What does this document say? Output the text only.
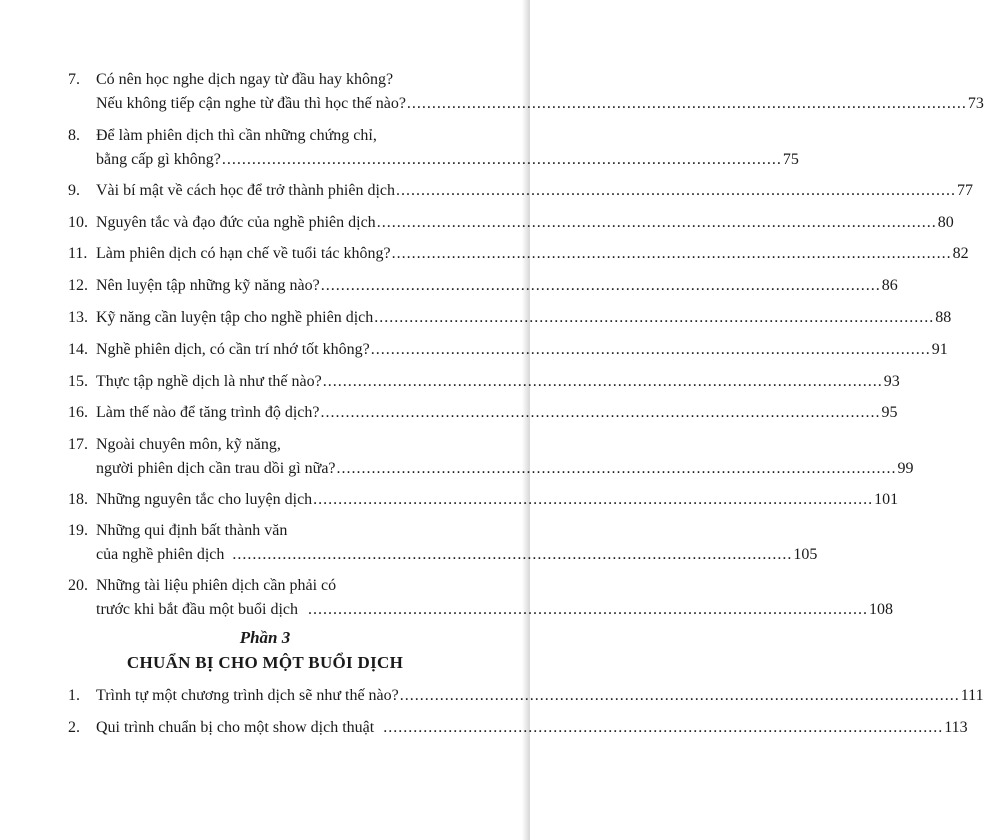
7. Có nên học nghe dịch ngay từ đầu hay không?
Nếu không tiếp cận nghe từ đầu thì học thế nào? ................................................................................................................ 73
8. Để làm phiên dịch thì cần những chứng chỉ,
bằng cấp gì không? ................................................................................................................ 75
9. Vài bí mật về cách học để trở thành phiên dịch ................................................................................................................ 77
10. Nguyên tắc và đạo đức của nghề phiên dịch ................................................................................................................ 80
11. Làm phiên dịch có hạn chế về tuổi tác không? ................................................................................................................ 82
12. Nên luyện tập những kỹ năng nào? ................................................................................................................ 86
13. Kỹ năng cần luyện tập cho nghề phiên dịch ................................................................................................................ 88
14. Nghề phiên dịch, có cần trí nhớ tốt không? ................................................................................................................ 91
15. Thực tập nghề dịch là như thế nào? ................................................................................................................ 93
16. Làm thế nào để tăng trình độ dịch? ................................................................................................................ 95
17. Ngoài chuyên môn, kỹ năng,
người phiên dịch cần trau dồi gì nữa? ................................................................................................................ 99
18. Những nguyên tắc cho luyện dịch ................................................................................................................ 101
19. Những qui định bất thành văn
của nghề phiên dịch ................................................................................................................ 105
20. Những tài liệu phiên dịch cần phải có
trước khi bắt đầu một buổi dịch ................................................................................................................ 108
Phần 3
CHUẨN BỊ CHO MỘT BUỔI DỊCH
1. Trình tự một chương trình dịch sẽ như thế nào? ................................................................................................................ 111
2. Qui trình chuẩn bị cho một show dịch thuật ................................................................................................................ 113
